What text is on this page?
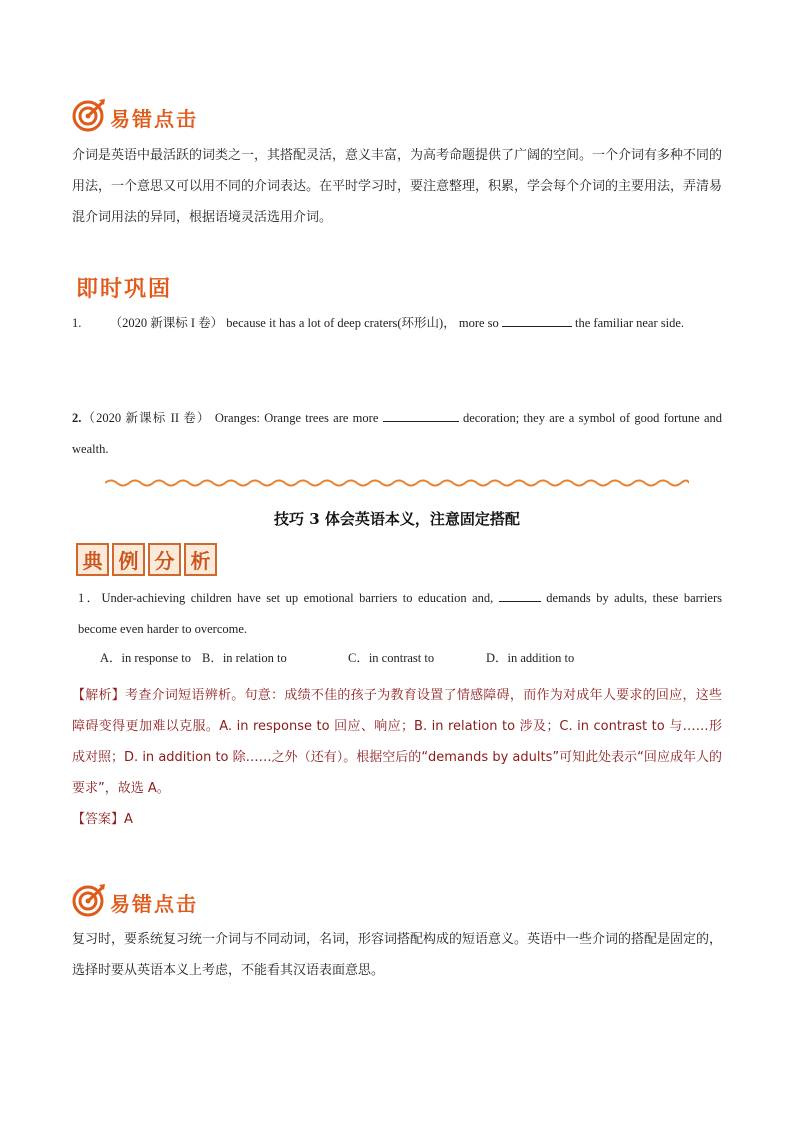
易错点击
介词是英语中最活跃的词类之一，其搭配灵活，意义丰富，为高考命题提供了广阔的空间。一个介词有多种不同的用法，一个意思又可以用不同的介词表达。在平时学习时，要注意整理，积累，学会每个介词的主要用法，弄清易混介词用法的异同，根据语境灵活选用介词。
即时巩固
1. （2020 新课标 I 卷） because it has a lot of deep craters(环形山)， more so	the familiar near side.
2.（2020 新课标 II 卷） Oranges: Orange trees are more	decoration; they are a symbol of good fortune and wealth.
技巧 3 体会英语本义，注意固定搭配
典 例 分 析
1．Under-achieving children have set up emotional barriers to education and,	demands by adults, these barriers become even harder to overcome.
A．in response to B．in relation to	C．in contrast to	D．in addition to
【解析】考查介词短语辨析。句意：成绩不佳的孩子为教育设置了情感障碍，而作为对成年人要求的回应，这些障碍变得更加难以克服。A. in response to 回应、响应；B. in relation to 涉及；C. in contrast to 与……形成对照；D. in addition to 除……之外（还有）。根据空后的“demands by adults”可知此处表示“回应成年人的要求”，故选 A。
【答案】A
易错点击
复习时，要系统复习统一介词与不同动词，名词，形容词搭配构成的短语意义。英语中一些介词的搭配是固定的，选择时要从英语本义上考虑，不能看其汉语表面意思。
